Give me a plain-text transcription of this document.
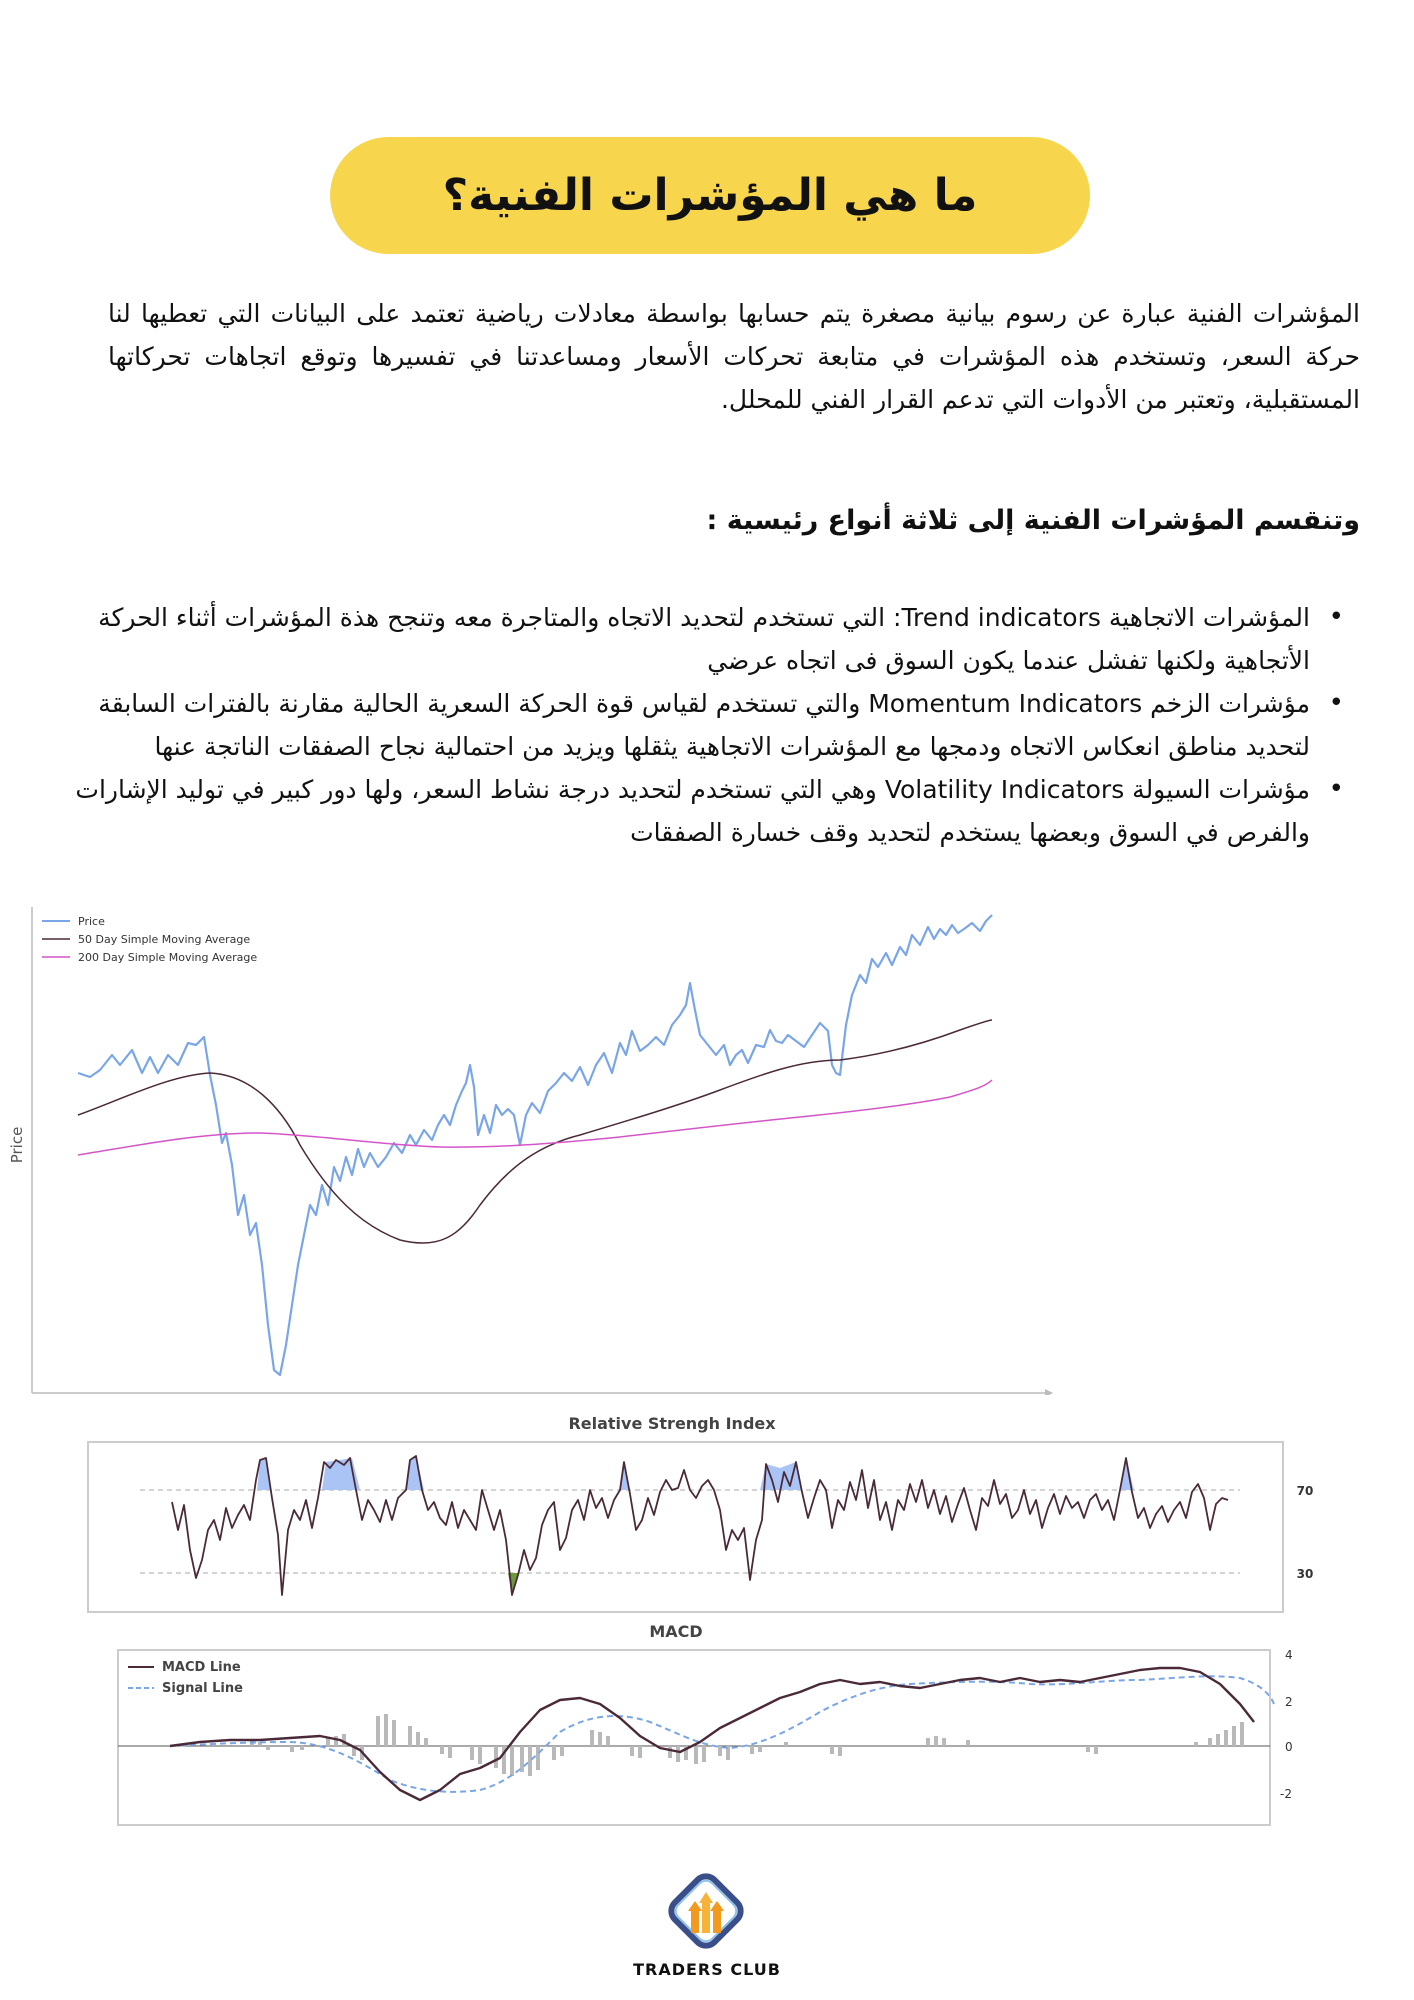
ما هي المؤشرات الفنية؟
المؤشرات الفنية عبارة عن رسوم بيانية مصغرة يتم حسابها بواسطة معادلات رياضية تعتمد على البيانات التي تعطيها لنا حركة السعر، وتستخدم هذه المؤشرات في متابعة تحركات الأسعار ومساعدتنا في تفسيرها وتوقع اتجاهات تحركاتها المستقبلية، وتعتبر من الأدوات التي تدعم القرار الفني للمحلل.
وتنقسم المؤشرات الفنية إلى ثلاثة أنواع رئيسية :
• المؤشرات الاتجاهية Trend indicators: التي تستخدم لتحديد الاتجاه والمتاجرة معه وتنجح هذة المؤشرات أثناء الحركة الأتجاهية ولكنها تفشل عندما يكون السوق فى اتجاه عرضي
• مؤشرات الزخم Momentum Indicators والتي تستخدم لقياس قوة الحركة السعرية الحالية مقارنة بالفترات السابقة لتحديد مناطق انعكاس الاتجاه ودمجها مع المؤشرات الاتجاهية يثقلها ويزيد من احتمالية نجاح الصفقات الناتجة عنها
• مؤشرات السيولة Volatility Indicators وهي التي تستخدم لتحديد درجة نشاط السعر، ولها دور كبير في توليد الإشارات والفرص في السوق وبعضها يستخدم لتحديد وقف خسارة الصفقات
Price
Price
50 Day Simple Moving Average
200 Day Simple Moving Average
Relative Strengh Index
70
30
MACD
4
2
0
-2
MACD Line
Signal Line
TRADERS CLUB
